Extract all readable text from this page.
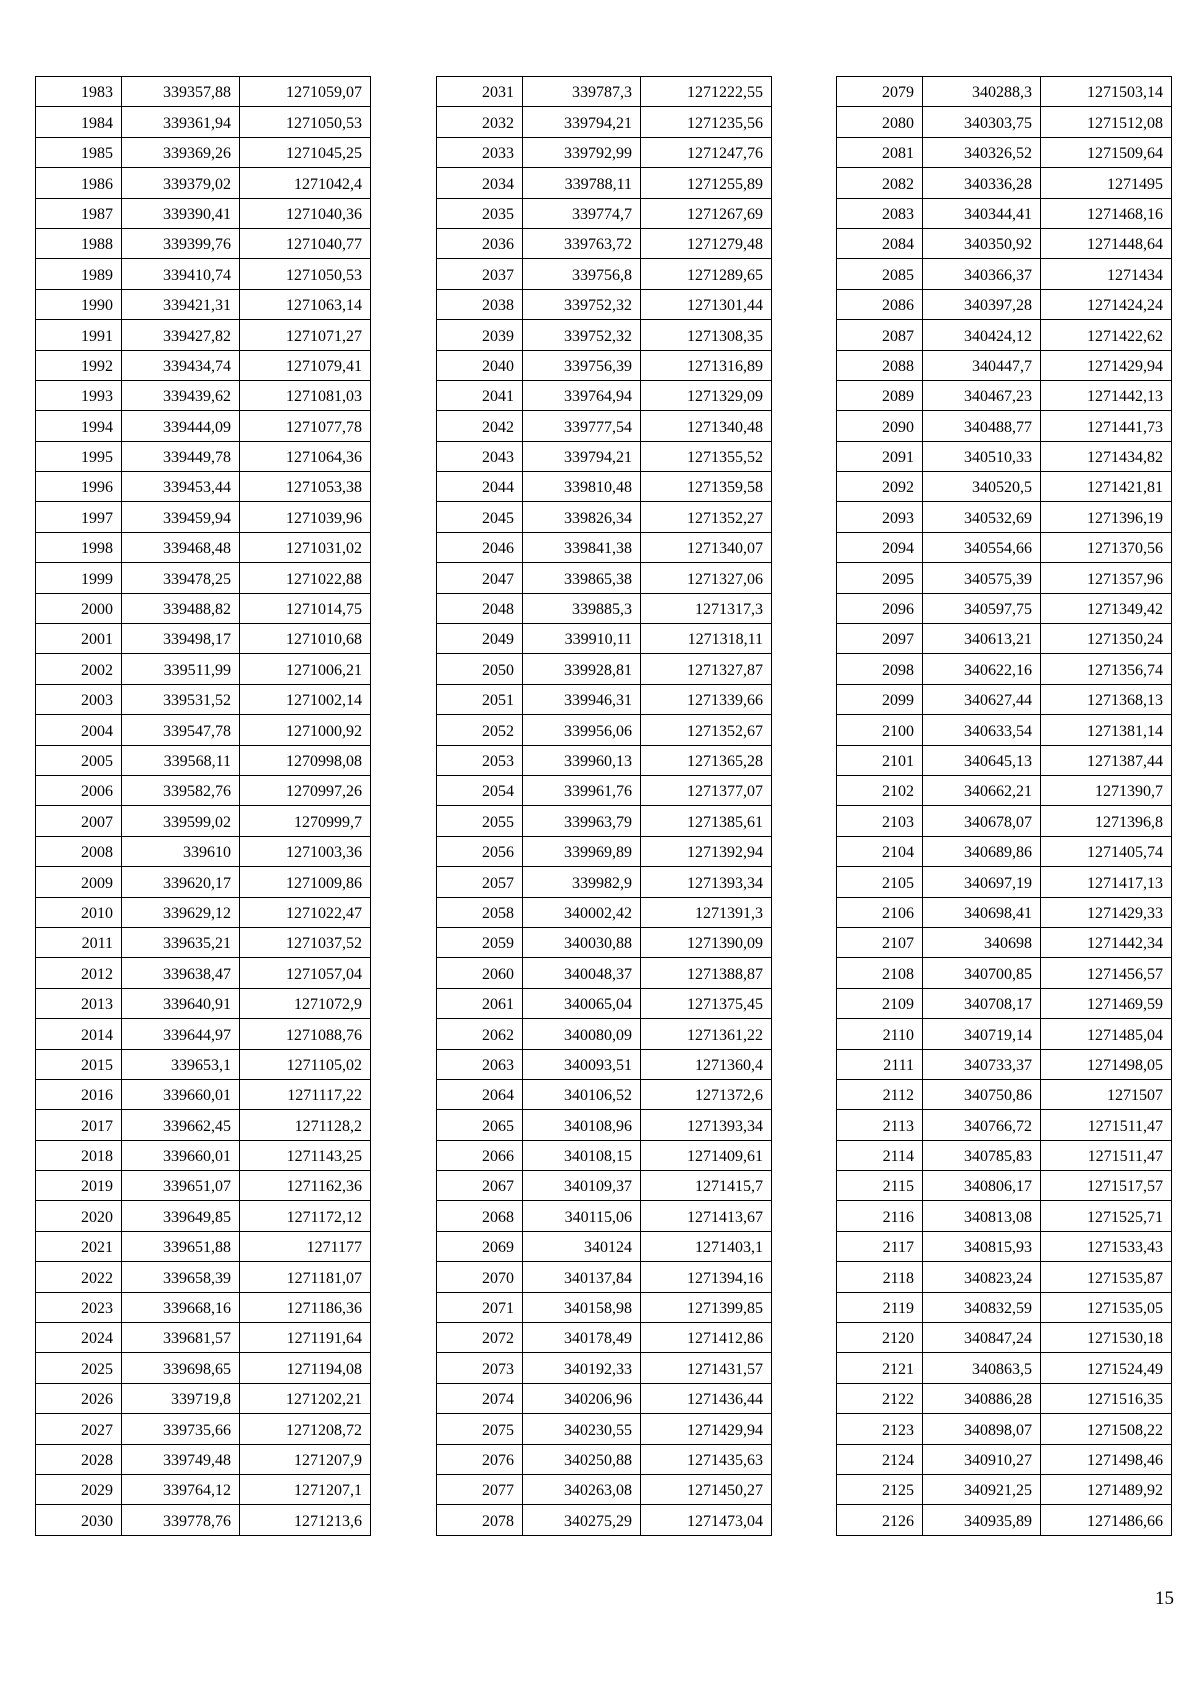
1983	339357,88	1271059,07
1984	339361,94	1271050,53
1985	339369,26	1271045,25
1986	339379,02	1271042,4
1987	339390,41	1271040,36
1988	339399,76	1271040,77
1989	339410,74	1271050,53
1990	339421,31	1271063,14
1991	339427,82	1271071,27
1992	339434,74	1271079,41
1993	339439,62	1271081,03
1994	339444,09	1271077,78
1995	339449,78	1271064,36
1996	339453,44	1271053,38
1997	339459,94	1271039,96
1998	339468,48	1271031,02
1999	339478,25	1271022,88
2000	339488,82	1271014,75
2001	339498,17	1271010,68
2002	339511,99	1271006,21
2003	339531,52	1271002,14
2004	339547,78	1271000,92
2005	339568,11	1270998,08
2006	339582,76	1270997,26
2007	339599,02	1270999,7
2008	339610	1271003,36
2009	339620,17	1271009,86
2010	339629,12	1271022,47
2011	339635,21	1271037,52
2012	339638,47	1271057,04
2013	339640,91	1271072,9
2014	339644,97	1271088,76
2015	339653,1	1271105,02
2016	339660,01	1271117,22
2017	339662,45	1271128,2
2018	339660,01	1271143,25
2019	339651,07	1271162,36
2020	339649,85	1271172,12
2021	339651,88	1271177
2022	339658,39	1271181,07
2023	339668,16	1271186,36
2024	339681,57	1271191,64
2025	339698,65	1271194,08
2026	339719,8	1271202,21
2027	339735,66	1271208,72
2028	339749,48	1271207,9
2029	339764,12	1271207,1
2030	339778,76	1271213,6
2031	339787,3	1271222,55
2032	339794,21	1271235,56
2033	339792,99	1271247,76
2034	339788,11	1271255,89
2035	339774,7	1271267,69
2036	339763,72	1271279,48
2037	339756,8	1271289,65
2038	339752,32	1271301,44
2039	339752,32	1271308,35
2040	339756,39	1271316,89
2041	339764,94	1271329,09
2042	339777,54	1271340,48
2043	339794,21	1271355,52
2044	339810,48	1271359,58
2045	339826,34	1271352,27
2046	339841,38	1271340,07
2047	339865,38	1271327,06
2048	339885,3	1271317,3
2049	339910,11	1271318,11
2050	339928,81	1271327,87
2051	339946,31	1271339,66
2052	339956,06	1271352,67
2053	339960,13	1271365,28
2054	339961,76	1271377,07
2055	339963,79	1271385,61
2056	339969,89	1271392,94
2057	339982,9	1271393,34
2058	340002,42	1271391,3
2059	340030,88	1271390,09
2060	340048,37	1271388,87
2061	340065,04	1271375,45
2062	340080,09	1271361,22
2063	340093,51	1271360,4
2064	340106,52	1271372,6
2065	340108,96	1271393,34
2066	340108,15	1271409,61
2067	340109,37	1271415,7
2068	340115,06	1271413,67
2069	340124	1271403,1
2070	340137,84	1271394,16
2071	340158,98	1271399,85
2072	340178,49	1271412,86
2073	340192,33	1271431,57
2074	340206,96	1271436,44
2075	340230,55	1271429,94
2076	340250,88	1271435,63
2077	340263,08	1271450,27
2078	340275,29	1271473,04
2079	340288,3	1271503,14
2080	340303,75	1271512,08
2081	340326,52	1271509,64
2082	340336,28	1271495
2083	340344,41	1271468,16
2084	340350,92	1271448,64
2085	340366,37	1271434
2086	340397,28	1271424,24
2087	340424,12	1271422,62
2088	340447,7	1271429,94
2089	340467,23	1271442,13
2090	340488,77	1271441,73
2091	340510,33	1271434,82
2092	340520,5	1271421,81
2093	340532,69	1271396,19
2094	340554,66	1271370,56
2095	340575,39	1271357,96
2096	340597,75	1271349,42
2097	340613,21	1271350,24
2098	340622,16	1271356,74
2099	340627,44	1271368,13
2100	340633,54	1271381,14
2101	340645,13	1271387,44
2102	340662,21	1271390,7
2103	340678,07	1271396,8
2104	340689,86	1271405,74
2105	340697,19	1271417,13
2106	340698,41	1271429,33
2107	340698	1271442,34
2108	340700,85	1271456,57
2109	340708,17	1271469,59
2110	340719,14	1271485,04
2111	340733,37	1271498,05
2112	340750,86	1271507
2113	340766,72	1271511,47
2114	340785,83	1271511,47
2115	340806,17	1271517,57
2116	340813,08	1271525,71
2117	340815,93	1271533,43
2118	340823,24	1271535,87
2119	340832,59	1271535,05
2120	340847,24	1271530,18
2121	340863,5	1271524,49
2122	340886,28	1271516,35
2123	340898,07	1271508,22
2124	340910,27	1271498,46
2125	340921,25	1271489,92
2126	340935,89	1271486,66
15
